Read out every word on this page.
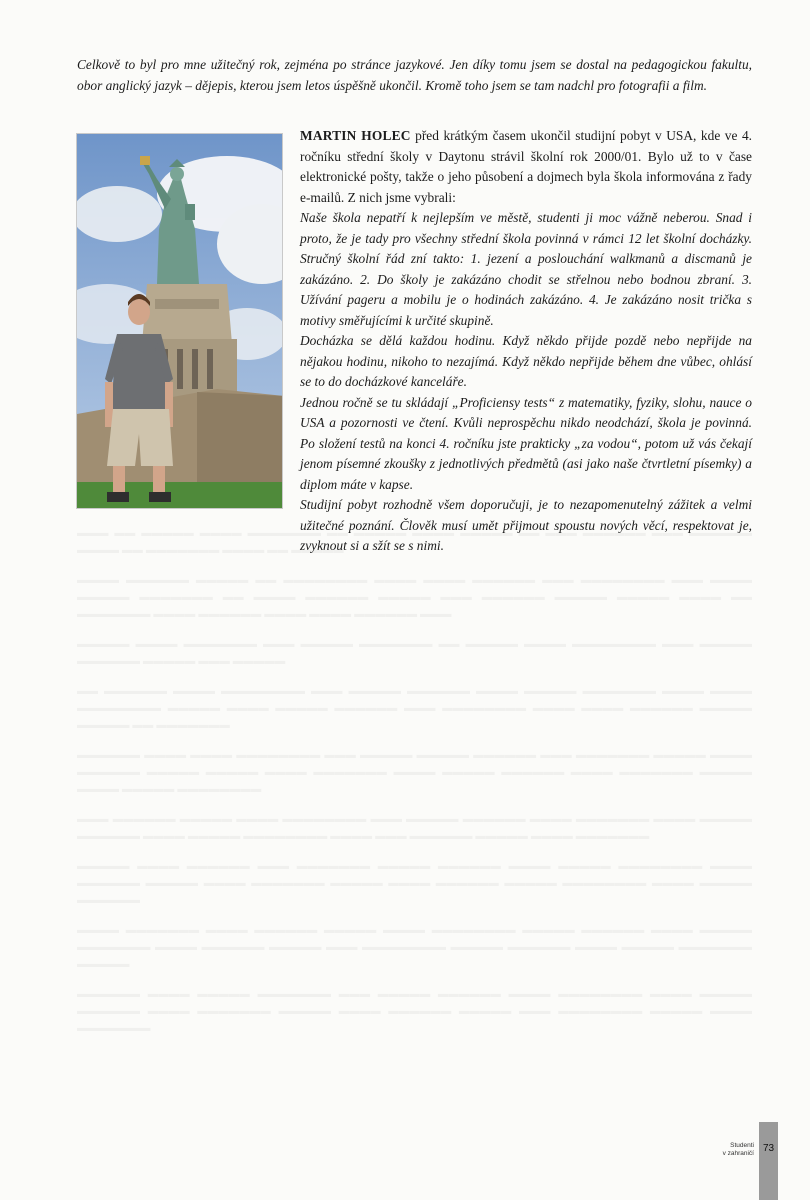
Celkově to byl pro mne užitečný rok, zejména po stránce jazykové. Jen díky tomu jsem se dostal na pedagogickou fakultu, obor anglický jazyk – dějepis, kterou jsem letos úspěšně ukončil. Kromě toho jsem se tam nadchl pro fotografii a film.

MARTIN HOLEC před krátkým časem ukončil studijní pobyt v USA, kde ve 4. ročníku střední školy v Daytonu strávil školní rok 2000/01. Bylo už to v čase elektronické pošty, takže o jeho působení a dojmech byla škola informována z řady e-mailů. Z nich jsme vybrali:

Naše škola nepatří k nejlepším ve městě, studenti ji moc vážně neberou. Snad i proto, že je tady pro všechny střední škola povinná v rámci 12 let školní docházky. Stručný školní řád zní takto: 1. jezení a poslouchání walkmanů a discmanů je zakázáno. 2. Do školy je zakázáno chodit se střelnou nebo bodnou zbraní. 3. Užívání pageru a mobilu je o hodinách zakázáno. 4. Je zakázáno nosit trička s motivy směřujícími k určité skupině.

Docházka se dělá každou hodinu. Když někdo přijde pozdě nebo nepřijde na nějakou hodinu, nikoho to nezajímá. Když někdo nepřijde během dne vůbec, ohlásí se to do docházkové kanceláře.

Jednou ročně se tu skládají „Proficiensy tests“ z matematiky, fyziky, slohu, nauce o USA a pozornosti ve čtení. Kvůli neprospěchu nikdo neodchází, škola je povinná. Po složení testů na konci 4. ročníku jste prakticky „za vodou“, potom už vás čekají jenom písemné zkoušky z jednotlivých předmětů (asi jako naše čtvrtletní písemky) a diplom máte v kapse.

Studijní pobyt rozhodně všem doporučuji, je to nezapomenutelný zážitek a velmi užitečné poznání. Člověk musí umět přijmout spoustu nových věcí, respektovat je, zvyknout si a sžít se s nimi.

Studenti
v zahraničí 73
